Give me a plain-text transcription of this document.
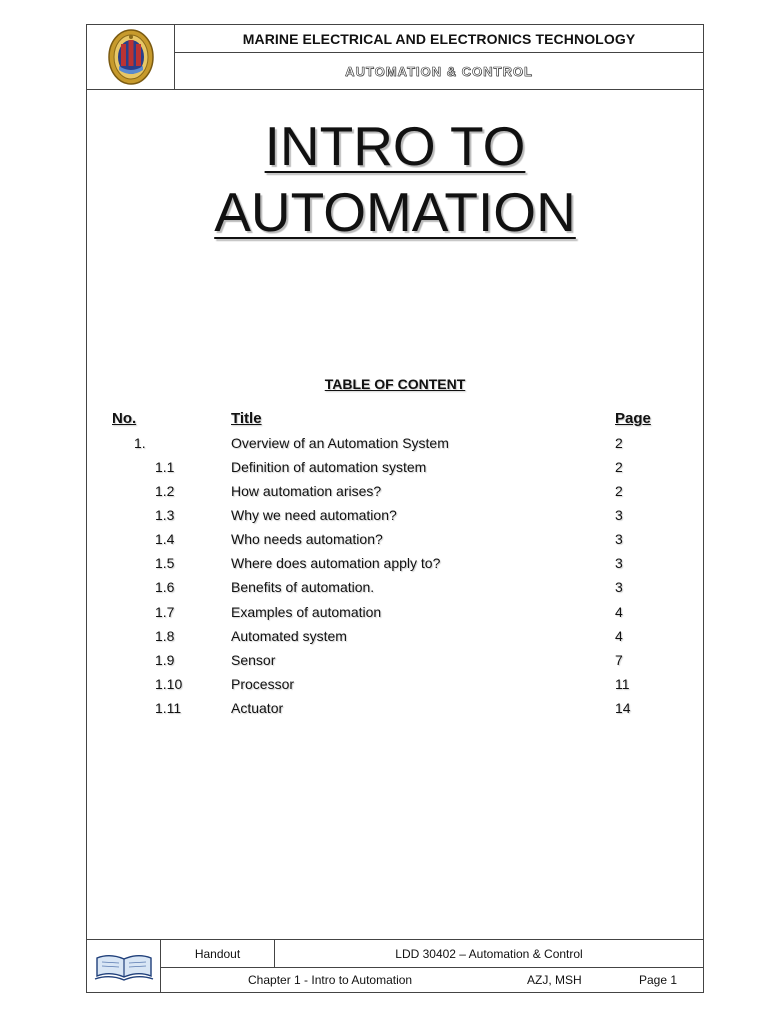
MARINE ELECTRICAL AND ELECTRONICS TECHNOLOGY
AUTOMATION & CONTROL
INTRO TO
AUTOMATION
TABLE OF CONTENT
No.	Title	Page
1.	Overview of an Automation System	2
1.1	Definition of automation system	2
1.2	How automation arises?	2
1.3	Why we need automation?	3
1.4	Who needs automation?	3
1.5	Where does automation apply to?	3
1.6	Benefits of automation.	3
1.7	Examples of automation	4
1.8	Automated system	4
1.9	Sensor	7
1.10	Processor	11
1.11	Actuator	14
Handout	LDD 30402 – Automation & Control
Chapter 1 - Intro to Automation	AZJ, MSH	Page 1
